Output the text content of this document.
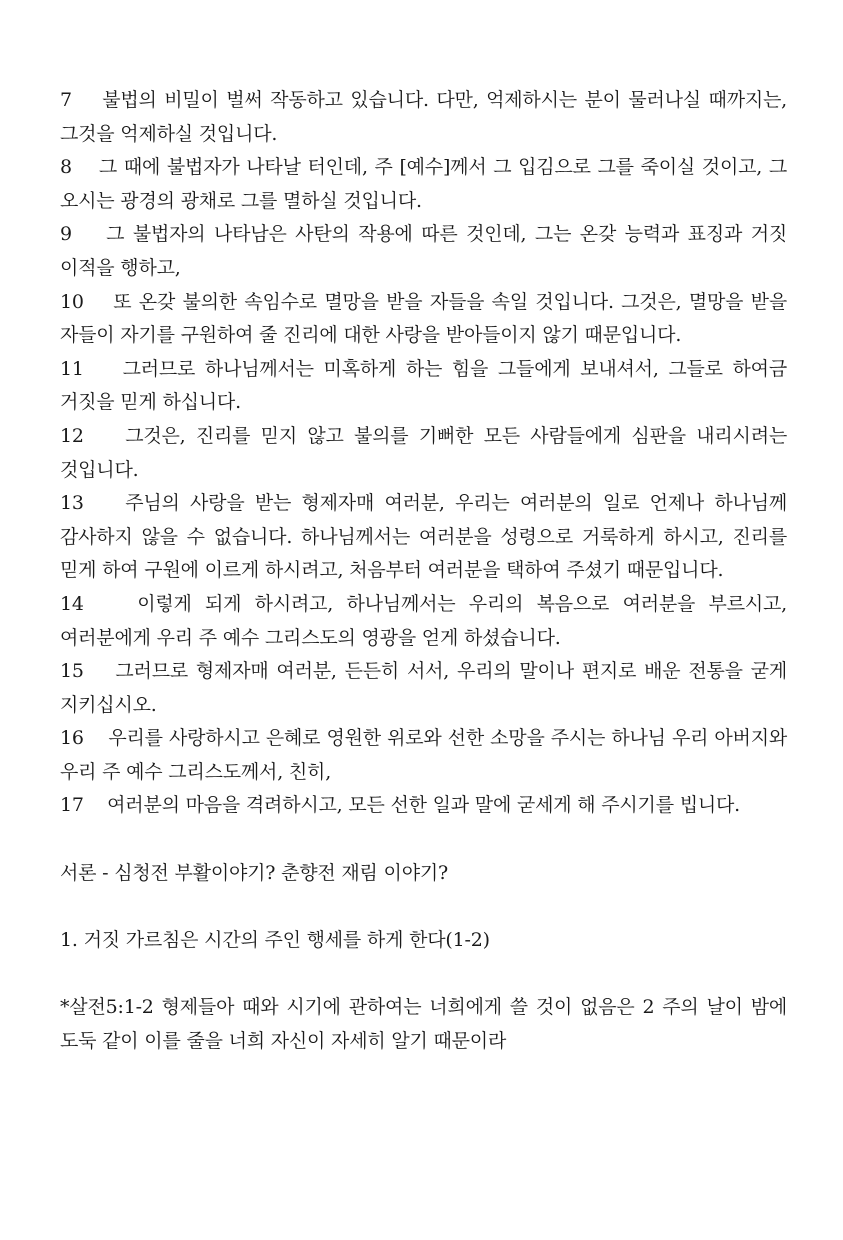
7 불법의 비밀이 벌써 작동하고 있습니다. 다만, 억제하시는 분이 물러나실 때까지는, 그것을 억제하실 것입니다.

8 그 때에 불법자가 나타날 터인데, 주 [예수]께서 그 입김으로 그를 죽이실 것이고, 그 오시는 광경의 광채로 그를 멸하실 것입니다.

9 그 불법자의 나타남은 사탄의 작용에 따른 것인데, 그는 온갖 능력과 표징과 거짓 이적을 행하고,

10 또 온갖 불의한 속임수로 멸망을 받을 자들을 속일 것입니다. 그것은, 멸망을 받을 자들이 자기를 구원하여 줄 진리에 대한 사랑을 받아들이지 않기 때문입니다.

11 그러므로 하나님께서는 미혹하게 하는 힘을 그들에게 보내셔서, 그들로 하여금 거짓을 믿게 하십니다.

12 그것은, 진리를 믿지 않고 불의를 기뻐한 모든 사람들에게 심판을 내리시려는 것입니다.

13 주님의 사랑을 받는 형제자매 여러분, 우리는 여러분의 일로 언제나 하나님께 감사하지 않을 수 없습니다. 하나님께서는 여러분을 성령으로 거룩하게 하시고, 진리를 믿게 하여 구원에 이르게 하시려고, 처음부터 여러분을 택하여 주셨기 때문입니다.

14	이렇게 되게 하시려고, 하나님께서는 우리의 복음으로 여러분을 부르시고, 여러분에게 우리 주 예수 그리스도의 영광을 얻게 하셨습니다.

15 그러므로 형제자매 여러분, 든든히 서서, 우리의 말이나 편지로 배운 전통을 굳게 지키십시오.

16 우리를 사랑하시고 은혜로 영원한 위로와 선한 소망을 주시는 하나님 우리 아버지와 우리 주 예수 그리스도께서, 친히,

17 여러분의 마음을 격려하시고, 모든 선한 일과 말에 굳세게 해 주시기를 빕니다.

서론 - 심청전 부활이야기? 춘향전 재림 이야기?

1. 거짓 가르침은 시간의 주인 행세를 하게 한다(1-2)

*살전5:1-2 형제들아 때와 시기에 관하여는 너희에게 쓸 것이 없음은 2 주의 날이 밤에 도둑 같이 이를 줄을 너희 자신이 자세히 알기 때문이라
